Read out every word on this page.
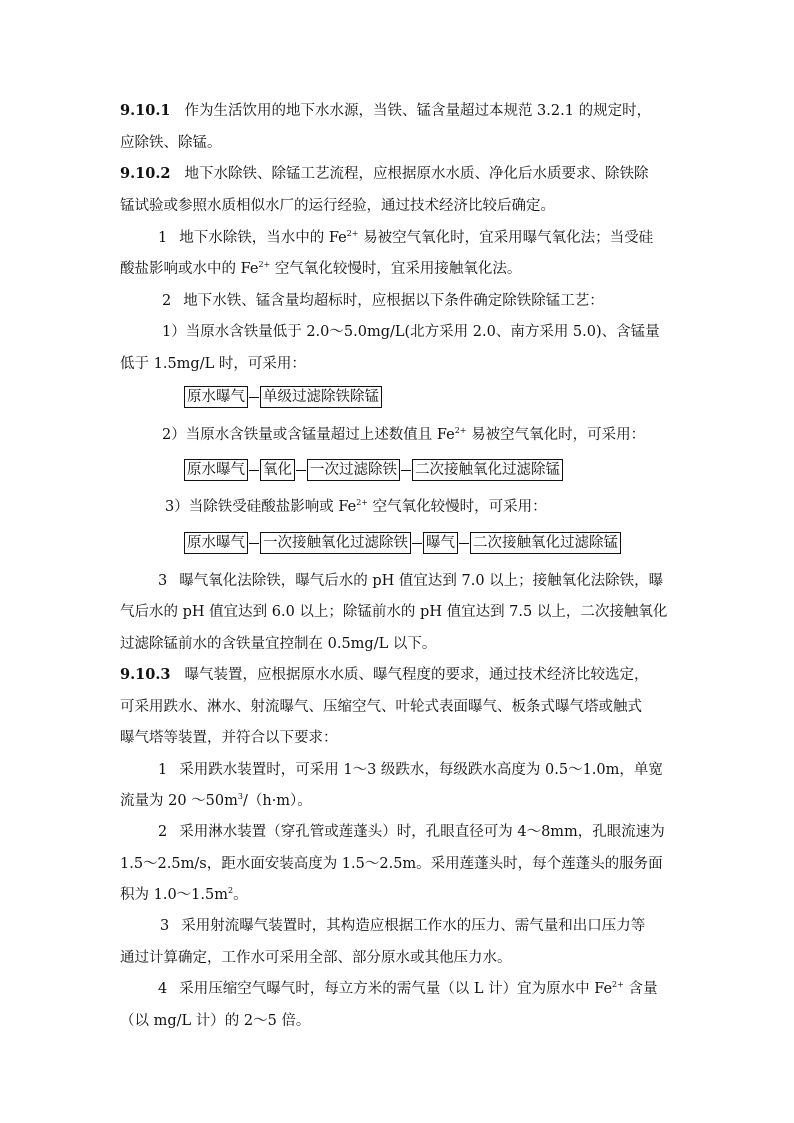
9.10.1 作为生活饮用的地下水水源，当铁、锰含量超过本规范 3.2.1 的规定时，
应除铁、除锰。
9.10.2 地下水除铁、除锰工艺流程，应根据原水水质、净化后水质要求、除铁除
锰试验或参照水质相似水厂的运行经验，通过技术经济比较后确定。
1 地下水除铁，当水中的 $Fe^{2+}$ 易被空气氧化时，宜采用曝气氧化法；当受硅
酸盐影响或水中的 $Fe^{2+}$ 空气氧化较慢时，宜采用接触氧化法。
2 地下水铁、锰含量均超标时，应根据以下条件确定除铁除锰工艺：
1）当原水含铁量低于 2.0～5.0mg/L(北方采用 2.0、南方采用 5.0)、含锰量
低于 1.5mg/L 时，可采用：
原水曝气 单级过滤除铁除锰
2）当原水含铁量或含锰量超过上述数值且 $Fe^{2+}$ 易被空气氧化时，可采用：
原水曝气 氧化 一次过滤除铁 二次接触氧化过滤除锰
3）当除铁受硅酸盐影响或 $Fe^{2+}$ 空气氧化较慢时，可采用：
原水曝气 一次接触氧化过滤除铁 曝气 二次接触氧化过滤除锰
3 曝气氧化法除铁，曝气后水的 pH 值宜达到 7.0 以上；接触氧化法除铁，曝
气后水的 pH 值宜达到 6.0 以上；除锰前水的 pH 值宜达到 7.5 以上，二次接触氧化
过滤除锰前水的含铁量宜控制在 0.5mg/L 以下。
9.10.3 曝气装置，应根据原水水质、曝气程度的要求，通过技术经济比较选定，
可采用跌水、淋水、射流曝气、压缩空气、叶轮式表面曝气、板条式曝气塔或触式
曝气塔等装置，并符合以下要求：
1 采用跌水装置时，可采用 1～3 级跌水，每级跌水高度为 0.5～1.0m，单宽
流量为 20 $\sim 50m^3/(h\cdot m)$。
2 采用淋水装置（穿孔管或莲蓬头）时，孔眼直径可为 4～8mm，孔眼流速为
1.5～2.5m/s，距水面安装高度为 1.5～2.5m。采用莲蓬头时，每个莲蓬头的服务面
积为 $1.0\sim 1.5m^2$。
3 采用射流曝气装置时，其构造应根据工作水的压力、需气量和出口压力等
通过计算确定，工作水可采用全部、部分原水或其他压力水。
4 采用压缩空气曝气时，每立方米的需气量（以 L 计）宜为原水中 $Fe^{2+}$ 含量
（以 mg/L 计）的 2～5 倍。
